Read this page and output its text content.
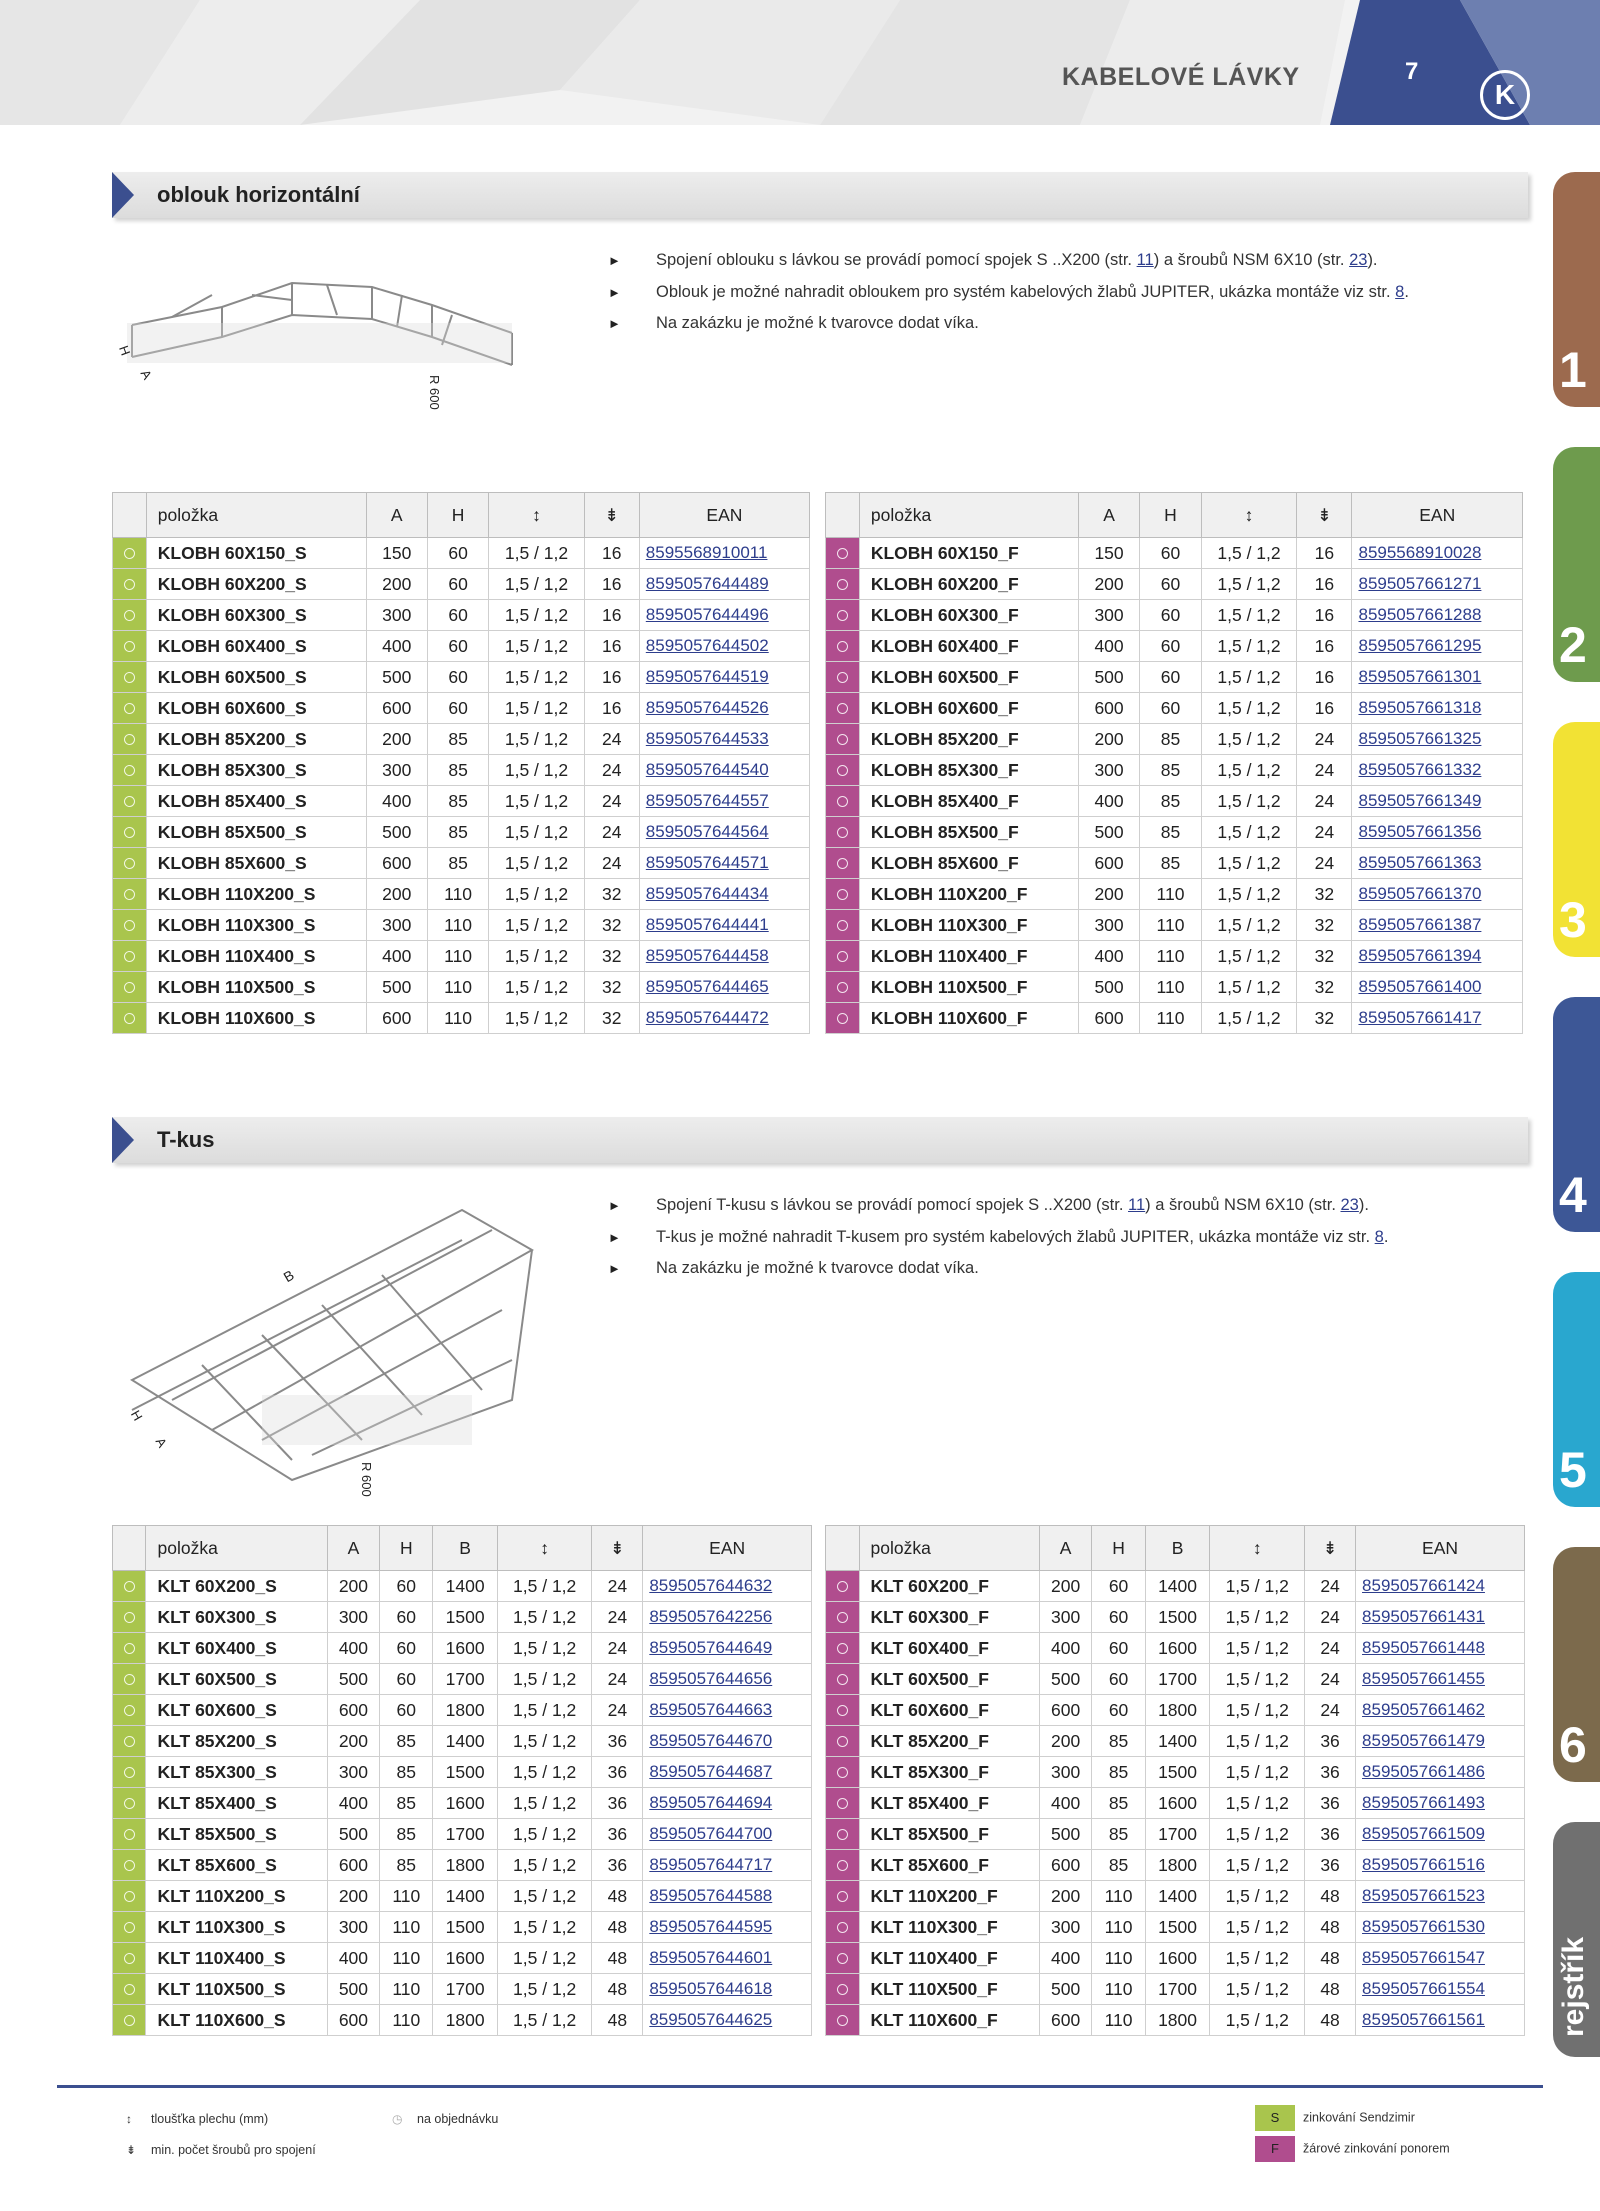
KABELOVÉ LÁVKY	7
K
1
2
3
4
5
6
rejstřík
oblouk horizontální
H
A
R 600
► Spojení oblouku s lávkou se provádí pomocí spojek S ..X200 (str. 11) a šroubů NSM 6X10 (str. 23).
► Oblouk je možné nahradit obloukem pro systém kabelových žlabů JUPITER, ukázka montáže viz str. 8.
► Na zakázku je možné k tvarovce dodat víka.
	položka	A	H	↕	⇟	EAN

	KLOBH 60X150_S	150	60	1,5 / 1,2	16	8595568910011

	KLOBH 60X200_S	200	60	1,5 / 1,2	16	8595057644489

	KLOBH 60X300_S	300	60	1,5 / 1,2	16	8595057644496

	KLOBH 60X400_S	400	60	1,5 / 1,2	16	8595057644502

	KLOBH 60X500_S	500	60	1,5 / 1,2	16	8595057644519

	KLOBH 60X600_S	600	60	1,5 / 1,2	16	8595057644526

	KLOBH 85X200_S	200	85	1,5 / 1,2	24	8595057644533

	KLOBH 85X300_S	300	85	1,5 / 1,2	24	8595057644540

	KLOBH 85X400_S	400	85	1,5 / 1,2	24	8595057644557

	KLOBH 85X500_S	500	85	1,5 / 1,2	24	8595057644564

	KLOBH 85X600_S	600	85	1,5 / 1,2	24	8595057644571

	KLOBH 110X200_S	200	110	1,5 / 1,2	32	8595057644434

	KLOBH 110X300_S	300	110	1,5 / 1,2	32	8595057644441

	KLOBH 110X400_S	400	110	1,5 / 1,2	32	8595057644458

	KLOBH 110X500_S	500	110	1,5 / 1,2	32	8595057644465

	KLOBH 110X600_S	600	110	1,5 / 1,2	32	8595057644472
	položka	A	H	↕	⇟	EAN

	KLOBH 60X150_F	150	60	1,5 / 1,2	16	8595568910028

	KLOBH 60X200_F	200	60	1,5 / 1,2	16	8595057661271

	KLOBH 60X300_F	300	60	1,5 / 1,2	16	8595057661288

	KLOBH 60X400_F	400	60	1,5 / 1,2	16	8595057661295

	KLOBH 60X500_F	500	60	1,5 / 1,2	16	8595057661301

	KLOBH 60X600_F	600	60	1,5 / 1,2	16	8595057661318

	KLOBH 85X200_F	200	85	1,5 / 1,2	24	8595057661325

	KLOBH 85X300_F	300	85	1,5 / 1,2	24	8595057661332

	KLOBH 85X400_F	400	85	1,5 / 1,2	24	8595057661349

	KLOBH 85X500_F	500	85	1,5 / 1,2	24	8595057661356

	KLOBH 85X600_F	600	85	1,5 / 1,2	24	8595057661363

	KLOBH 110X200_F	200	110	1,5 / 1,2	32	8595057661370

	KLOBH 110X300_F	300	110	1,5 / 1,2	32	8595057661387

	KLOBH 110X400_F	400	110	1,5 / 1,2	32	8595057661394

	KLOBH 110X500_F	500	110	1,5 / 1,2	32	8595057661400

	KLOBH 110X600_F	600	110	1,5 / 1,2	32	8595057661417
T-kus
B
H
A
R 600
► Spojení T-kusu s lávkou se provádí pomocí spojek S ..X200 (str. 11) a šroubů NSM 6X10 (str. 23).
► T-kus je možné nahradit T-kusem pro systém kabelových žlabů JUPITER, ukázka montáže viz str. 8.
► Na zakázku je možné k tvarovce dodat víka.
	položka	A	H	B	↕	⇟	EAN

	KLT 60X200_S	200	60	1400	1,5 / 1,2	24	8595057644632

	KLT 60X300_S	300	60	1500	1,5 / 1,2	24	8595057642256

	KLT 60X400_S	400	60	1600	1,5 / 1,2	24	8595057644649

	KLT 60X500_S	500	60	1700	1,5 / 1,2	24	8595057644656

	KLT 60X600_S	600	60	1800	1,5 / 1,2	24	8595057644663

	KLT 85X200_S	200	85	1400	1,5 / 1,2	36	8595057644670

	KLT 85X300_S	300	85	1500	1,5 / 1,2	36	8595057644687

	KLT 85X400_S	400	85	1600	1,5 / 1,2	36	8595057644694

	KLT 85X500_S	500	85	1700	1,5 / 1,2	36	8595057644700

	KLT 85X600_S	600	85	1800	1,5 / 1,2	36	8595057644717

	KLT 110X200_S	200	110	1400	1,5 / 1,2	48	8595057644588

	KLT 110X300_S	300	110	1500	1,5 / 1,2	48	8595057644595

	KLT 110X400_S	400	110	1600	1,5 / 1,2	48	8595057644601

	KLT 110X500_S	500	110	1700	1,5 / 1,2	48	8595057644618

	KLT 110X600_S	600	110	1800	1,5 / 1,2	48	8595057644625
	položka	A	H	B	↕	⇟	EAN

	KLT 60X200_F	200	60	1400	1,5 / 1,2	24	8595057661424

	KLT 60X300_F	300	60	1500	1,5 / 1,2	24	8595057661431

	KLT 60X400_F	400	60	1600	1,5 / 1,2	24	8595057661448

	KLT 60X500_F	500	60	1700	1,5 / 1,2	24	8595057661455

	KLT 60X600_F	600	60	1800	1,5 / 1,2	24	8595057661462

	KLT 85X200_F	200	85	1400	1,5 / 1,2	36	8595057661479

	KLT 85X300_F	300	85	1500	1,5 / 1,2	36	8595057661486

	KLT 85X400_F	400	85	1600	1,5 / 1,2	36	8595057661493

	KLT 85X500_F	500	85	1700	1,5 / 1,2	36	8595057661509

	KLT 85X600_F	600	85	1800	1,5 / 1,2	36	8595057661516

	KLT 110X200_F	200	110	1400	1,5 / 1,2	48	8595057661523

	KLT 110X300_F	300	110	1500	1,5 / 1,2	48	8595057661530

	KLT 110X400_F	400	110	1600	1,5 / 1,2	48	8595057661547

	KLT 110X500_F	500	110	1700	1,5 / 1,2	48	8595057661554

	KLT 110X600_F	600	110	1800	1,5 / 1,2	48	8595057661561
↕ tloušťka plechu (mm)
⇟ min. počet šroubů pro spojení
◷ na objednávku	S zinkování Sendzimir
F žárové zinkování ponorem
